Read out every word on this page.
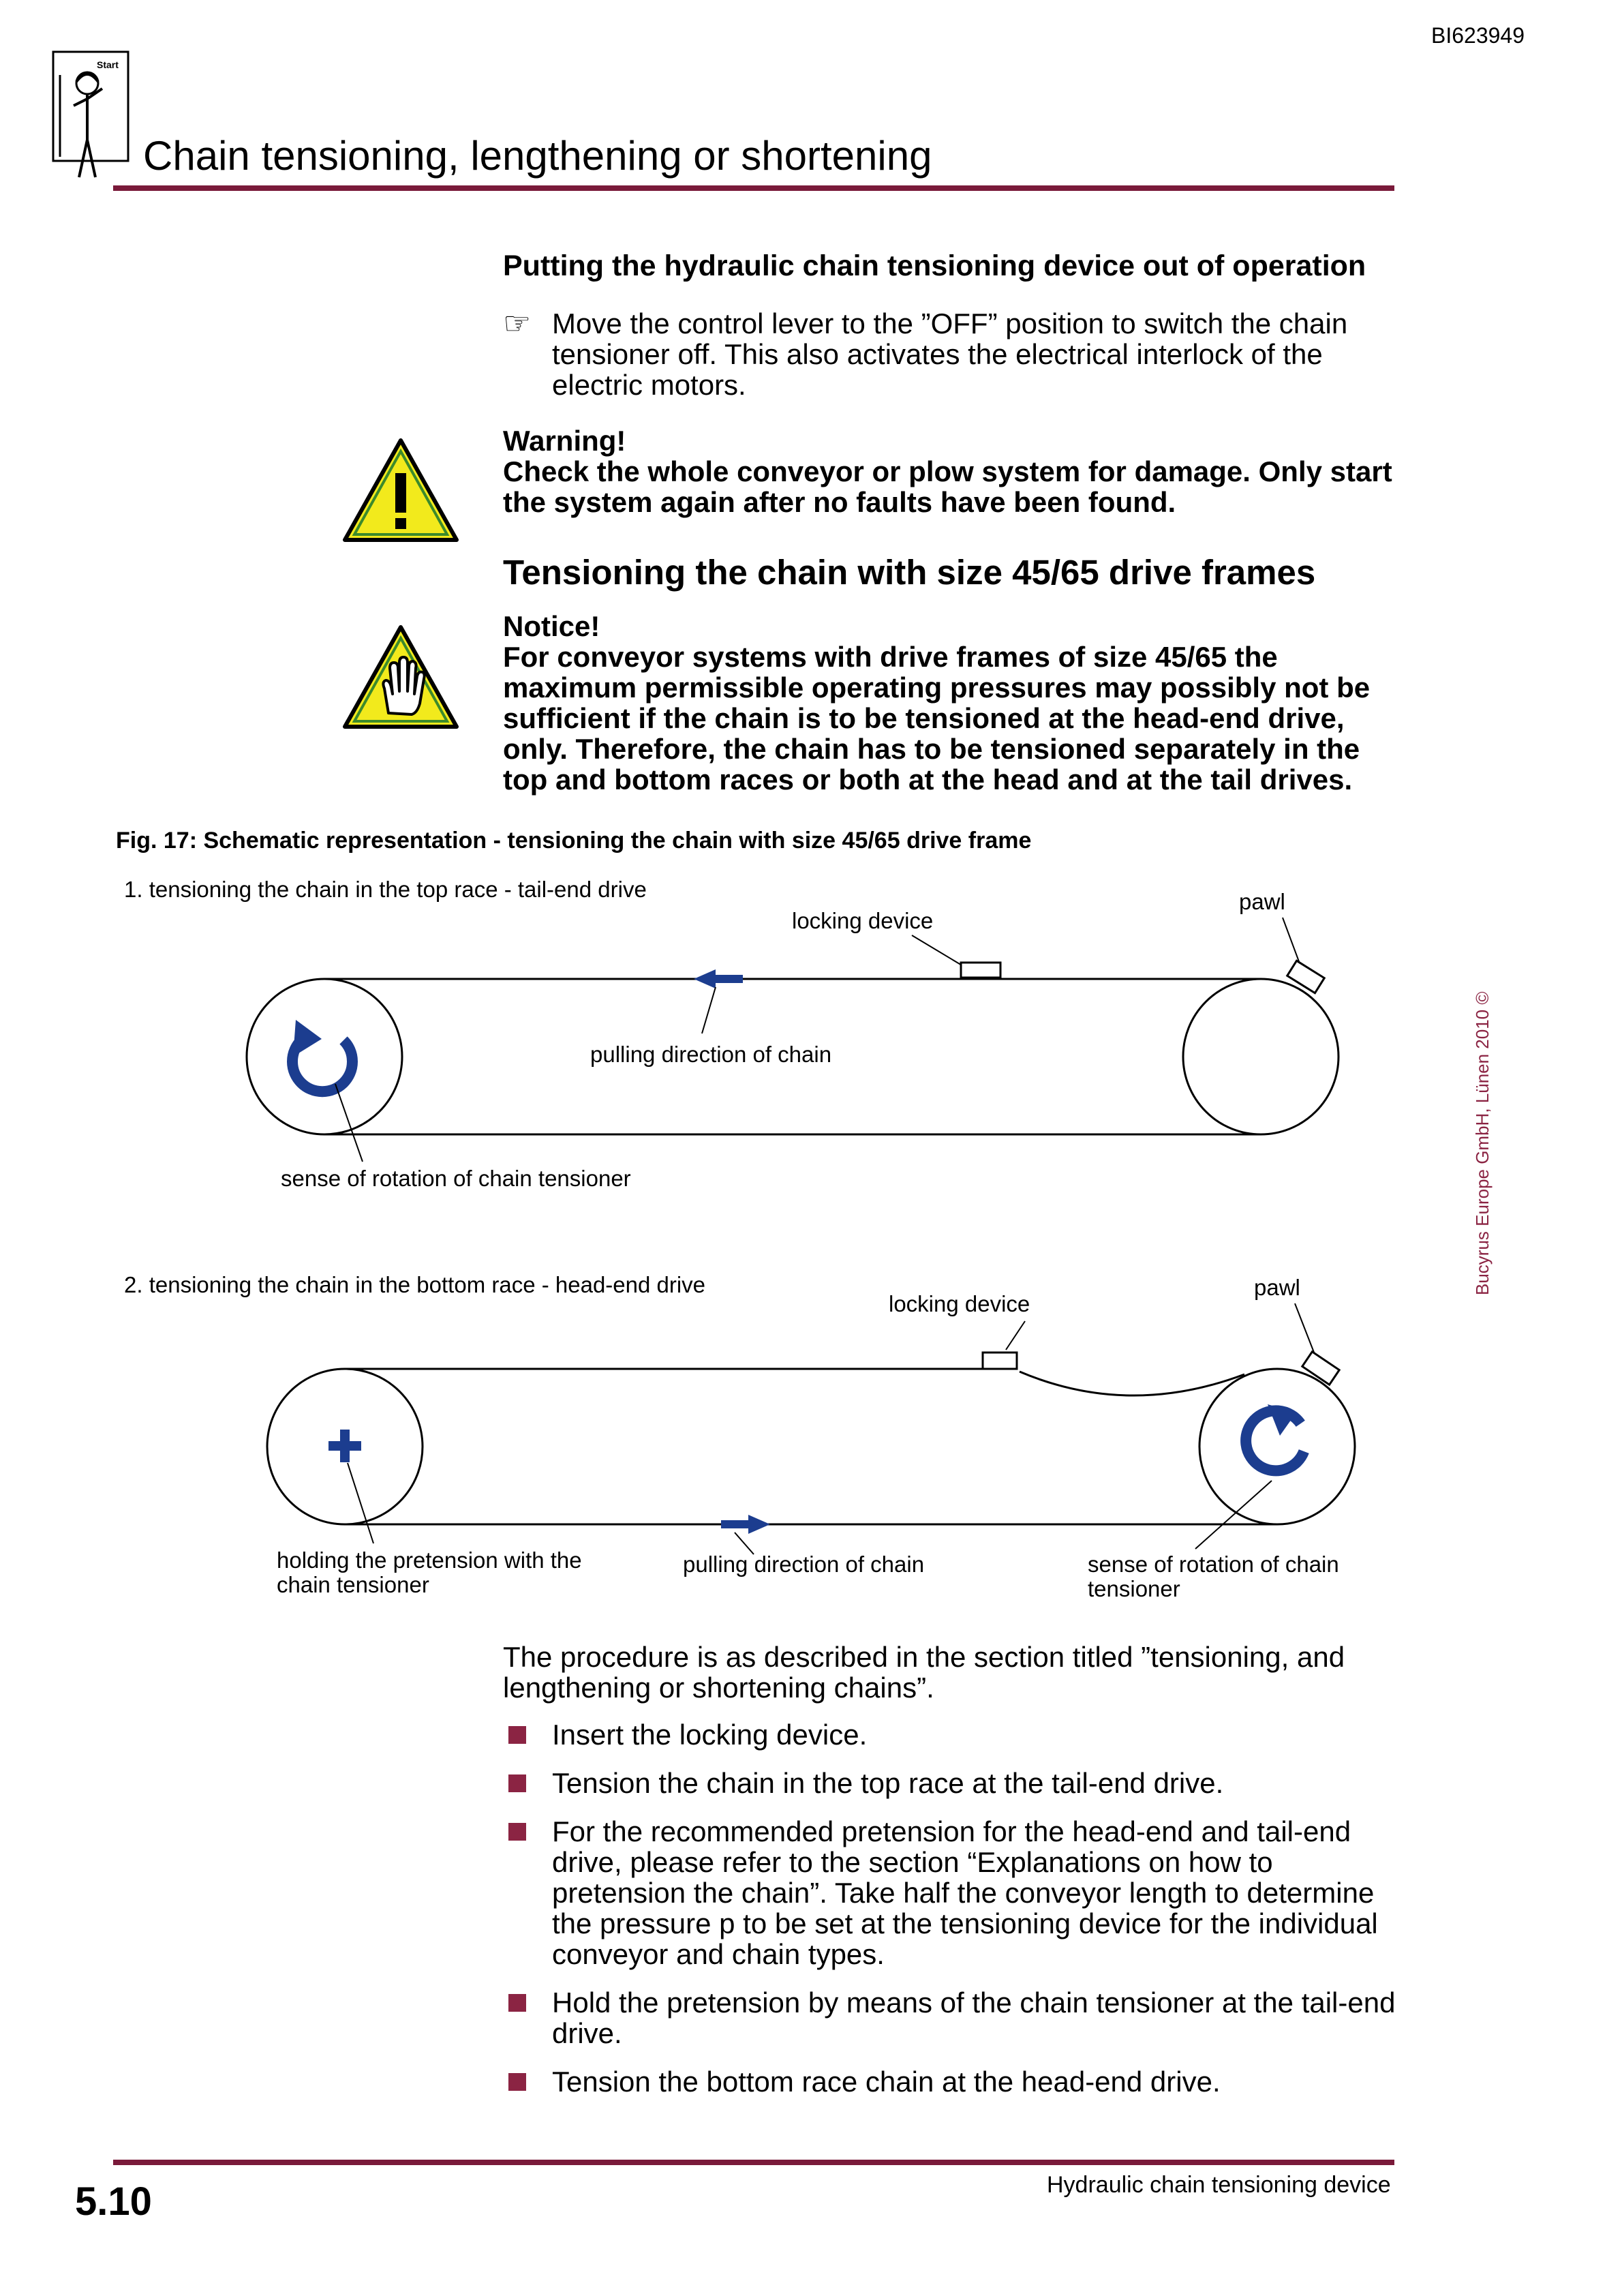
BI623949
Start
Chain tensioning, lengthening or shortening
Putting the hydraulic chain tensioning device out of operation
☞ Move the control lever to the ”OFF” position to switch the chain tensioner off. This also activates the electrical interlock of the electric motors.
Warning!
Check the whole conveyor or plow system for damage. Only start the system again after no faults have been found.
Tensioning the chain with size 45/65 drive frames
Notice!
For conveyor systems with drive frames of size 45/65 the maximum permissible operating pressures may possibly not be sufficient if the chain is to be tensioned at the head-end drive, only. Therefore, the chain has to be tensioned separately in the top and bottom races or both at the head and at the tail drives.
Fig. 17: Schematic representation - tensioning the chain with size 45/65 drive frame
1. tensioning the chain in the top race - tail-end drive
locking device
pawl
pulling direction of chain
sense of rotation of chain tensioner
2. tensioning the chain in the bottom race - head-end drive
locking device
pawl
holding the pretension with the
chain tensioner
pulling direction of chain	sense of rotation of chain
tensioner
The procedure is as described in the section titled ”tensioning, and lengthening or shortening chains”.
Insert the locking device.
Tension the chain in the top race at the tail-end drive.
For the recommended pretension for the head-end and tail-end drive, please refer to the section “Explanations on how to pretension the chain”. Take half the conveyor length to determine the pressure p to be set at the tensioning device for the individual conveyor and chain types.
Hold the pretension by means of the chain tensioner at the tail-end drive.
Tension the bottom race chain at the head-end drive.
Bucyrus Europe GmbH, Lünen 2010 ©
5.10	Hydraulic chain tensioning device
